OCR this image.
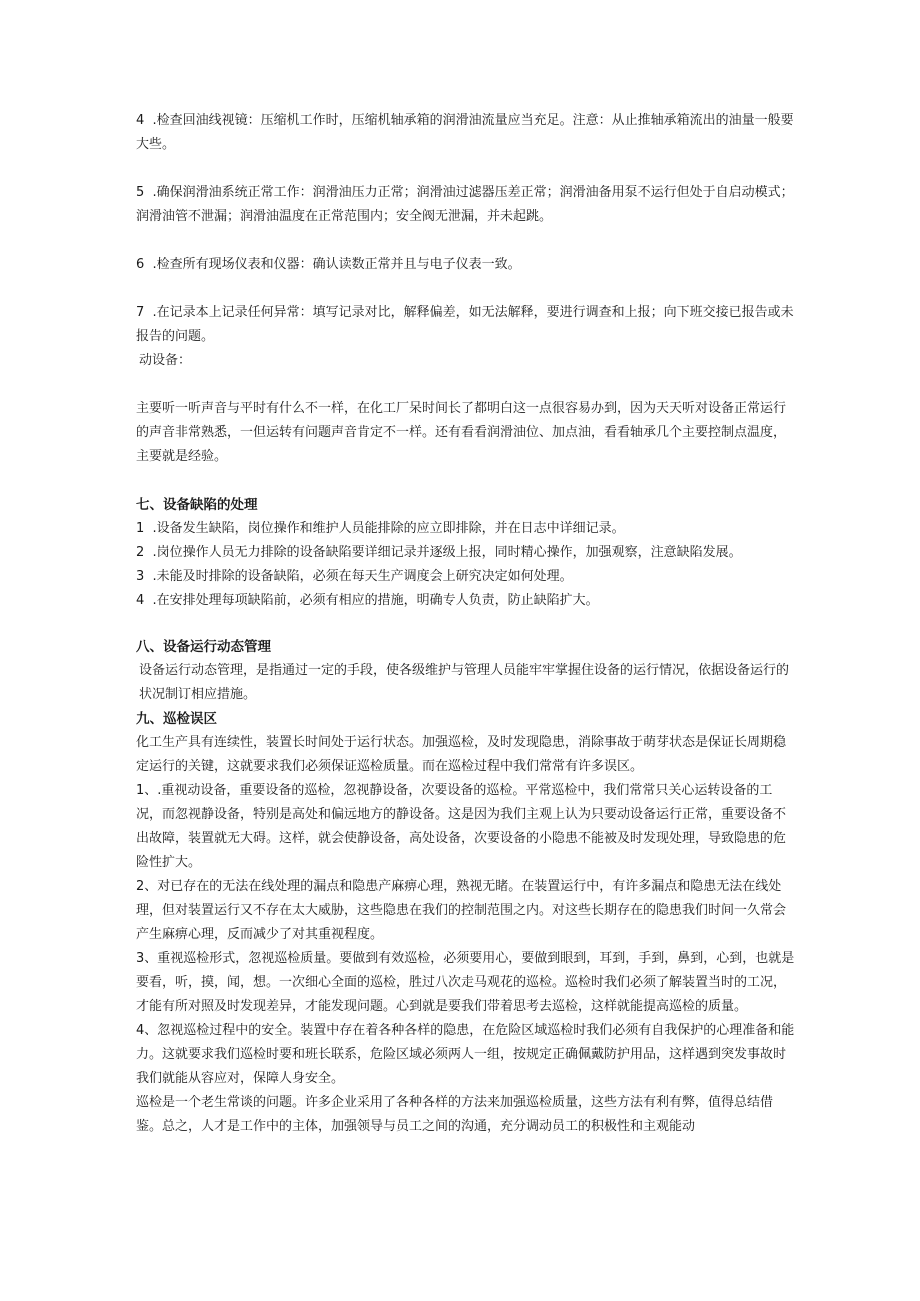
4  .检查回油线视镜：压缩机工作时，压缩机轴承箱的润滑油流量应当充足。注意：从止推轴承箱流出的油量一般要大些。

5  .确保润滑油系统正常工作：润滑油压力正常；润滑油过滤器压差正常；润滑油备用泵不运行但处于自启动模式；润滑油管不泄漏；润滑油温度在正常范围内；安全阀无泄漏，并未起跳。

6  .检查所有现场仪表和仪器：确认读数正常并且与电子仪表一致。

7  .在记录本上记录任何异常：填写记录对比，解释偏差，如无法解释，要进行调查和上报；向下班交接已报告或未报告的问题。

动设备：

主要听一听声音与平时有什么不一样，在化工厂呆时间长了都明白这一点很容易办到，因为天天听对设备正常运行的声音非常熟悉，一但运转有问题声音肯定不一样。还有看看润滑油位、加点油，看看轴承几个主要控制点温度，主要就是经验。

七、设备缺陷的处理

1  .设备发生缺陷，岗位操作和维护人员能排除的应立即排除，并在日志中详细记录。

2  .岗位操作人员无力排除的设备缺陷要详细记录并逐级上报，同时精心操作，加强观察，注意缺陷发展。

3  .未能及时排除的设备缺陷，必须在每天生产调度会上研究决定如何处理。

4  .在安排处理每项缺陷前，必须有相应的措施，明确专人负责，防止缺陷扩大。

八、设备运行动态管理

设备运行动态管理，是指通过一定的手段，使各级维护与管理人员能牢牢掌握住设备的运行情况，依据设备运行的状况制订相应措施。

九、巡检误区

化工生产具有连续性，装置长时间处于运行状态。加强巡检，及时发现隐患，消除事故于萌芽状态是保证长周期稳定运行的关键，这就要求我们必须保证巡检质量。而在巡检过程中我们常常有许多误区。

1、.重视动设备，重要设备的巡检，忽视静设备，次要设备的巡检。平常巡检中，我们常常只关心运转设备的工况，而忽视静设备，特别是高处和偏远地方的静设备。这是因为我们主观上认为只要动设备运行正常，重要设备不出故障，装置就无大碍。这样，就会使静设备，高处设备，次要设备的小隐患不能被及时发现处理，导致隐患的危险性扩大。

2、对已存在的无法在线处理的漏点和隐患产麻痹心理，熟视无睹。在装置运行中，有许多漏点和隐患无法在线处理，但对装置运行又不存在太大威胁，这些隐患在我们的控制范围之内。对这些长期存在的隐患我们时间一久常会产生麻痹心理，反而减少了对其重视程度。

3、重视巡检形式，忽视巡检质量。要做到有效巡检，必须要用心，要做到眼到，耳到，手到，鼻到，心到，也就是要看，听，摸，闻，想。一次细心全面的巡检，胜过八次走马观花的巡检。巡检时我们必须了解装置当时的工况，才能有所对照及时发现差异，才能发现问题。心到就是要我们带着思考去巡检，这样就能提高巡检的质量。

4、忽视巡检过程中的安全。装置中存在着各种各样的隐患，在危险区域巡检时我们必须有自我保护的心理准备和能力。这就要求我们巡检时要和班长联系，危险区域必须两人一组，按规定正确佩戴防护用品，这样遇到突发事故时我们就能从容应对，保障人身安全。

巡检是一个老生常谈的问题。许多企业采用了各种各样的方法来加强巡检质量，这些方法有利有弊，值得总结借鉴。总之，人才是工作中的主体，加强领导与员工之间的沟通，充分调动员工的积极性和主观能动
